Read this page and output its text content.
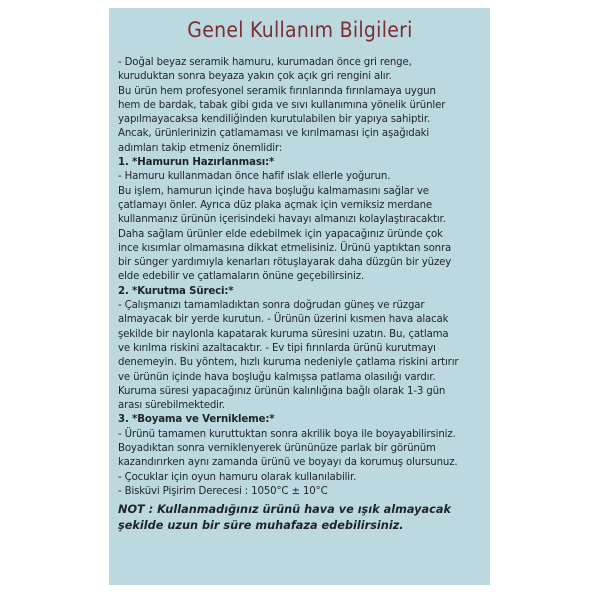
Genel Kullanım Bilgileri
- Doğal beyaz seramik hamuru, kurumadan önce gri renge,
kuruduktan sonra beyaza yakın çok açık gri rengini alır.
Bu ürün hem profesyonel seramik fırınlarında fırınlamaya uygun
hem de bardak, tabak gibi gıda ve sıvı kullanımına yönelik ürünler
yapılmayacaksa kendiliğinden kurutulabilen bir yapıya sahiptir.
Ancak, ürünlerinizin çatlamaması ve kırılmaması için aşağıdaki
adımları takip etmeniz önemlidir:
1. *Hamurun Hazırlanması:*
- Hamuru kullanmadan önce hafif ıslak ellerle yoğurun.
Bu işlem, hamurun içinde hava boşluğu kalmamasını sağlar ve
çatlamayı önler. Ayrıca düz plaka açmak için verniksiz merdane
kullanmanız ürünün içerisindeki havayı almanızı kolaylaştıracaktır.
Daha sağlam ürünler elde edebilmek için yapacağınız üründe çok
ince kısımlar olmamasına dikkat etmelisiniz. Ürünü yaptıktan sonra
bir sünger yardımıyla kenarları rötuşlayarak daha düzgün bir yüzey
elde edebilir ve çatlamaların önüne geçebilirsiniz.
2. *Kurutma Süreci:*
- Çalışmanızı tamamladıktan sonra doğrudan güneş ve rüzgar
almayacak bir yerde kurutun. - Ürünün üzerini kısmen hava alacak
şekilde bir naylonla kapatarak kuruma süresini uzatın. Bu, çatlama
ve kırılma riskini azaltacaktır. - Ev tipi fırınlarda ürünü kurutmayı
denemeyin. Bu yöntem, hızlı kuruma nedeniyle çatlama riskini artırır
ve ürünün içinde hava boşluğu kalmışsa patlama olasılığı vardır.
Kuruma süresi yapacağınız ürünün kalınlığına bağlı olarak 1-3 gün
arası sürebilmektedir.
3. *Boyama ve Vernikleme:*
- Ürünü tamamen kuruttuktan sonra akrilik boya ile boyayabilirsiniz.
Boyadıktan sonra verniklenyerek ürününüze parlak bir görünüm
kazandırırken aynı zamanda ürünü ve boyayı da korumuş olursunuz.
- Çocuklar için oyun hamuru olarak kullanılabilir.
- Bisküvi Pişirim Derecesi : 1050°C ± 10°C
NOT : Kullanmadığınız ürünü hava ve ışık almayacak
şekilde uzun bir süre muhafaza edebilirsiniz.
